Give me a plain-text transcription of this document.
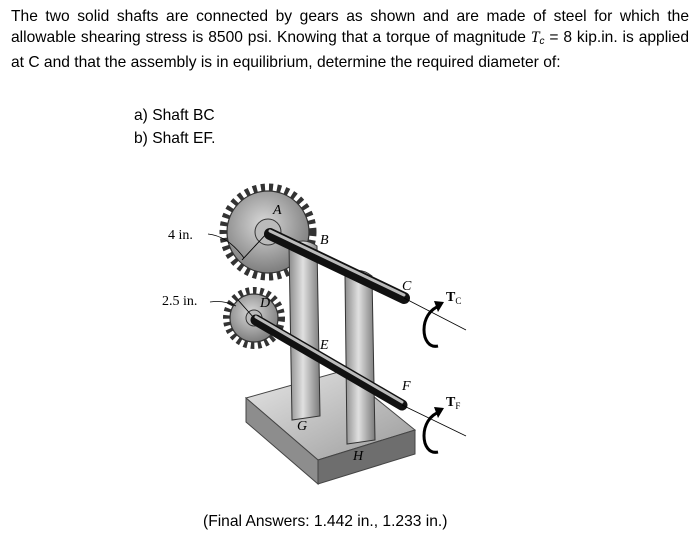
The two solid shafts are connected by gears as shown and are made of steel for which the allowable shearing stress is 8500 psi. Knowing that a torque of magnitude $T_c = 8$ kip.in. is applied at C and that the assembly is in equilibrium, determine the required diameter of:

a) Shaft BC
b) Shaft EF.
4 in.
2.5 in.
A
B
C
D
E
F
G
H
$T_C$
$T_F$

(Final Answers: 1.442 in., 1.233 in.)
